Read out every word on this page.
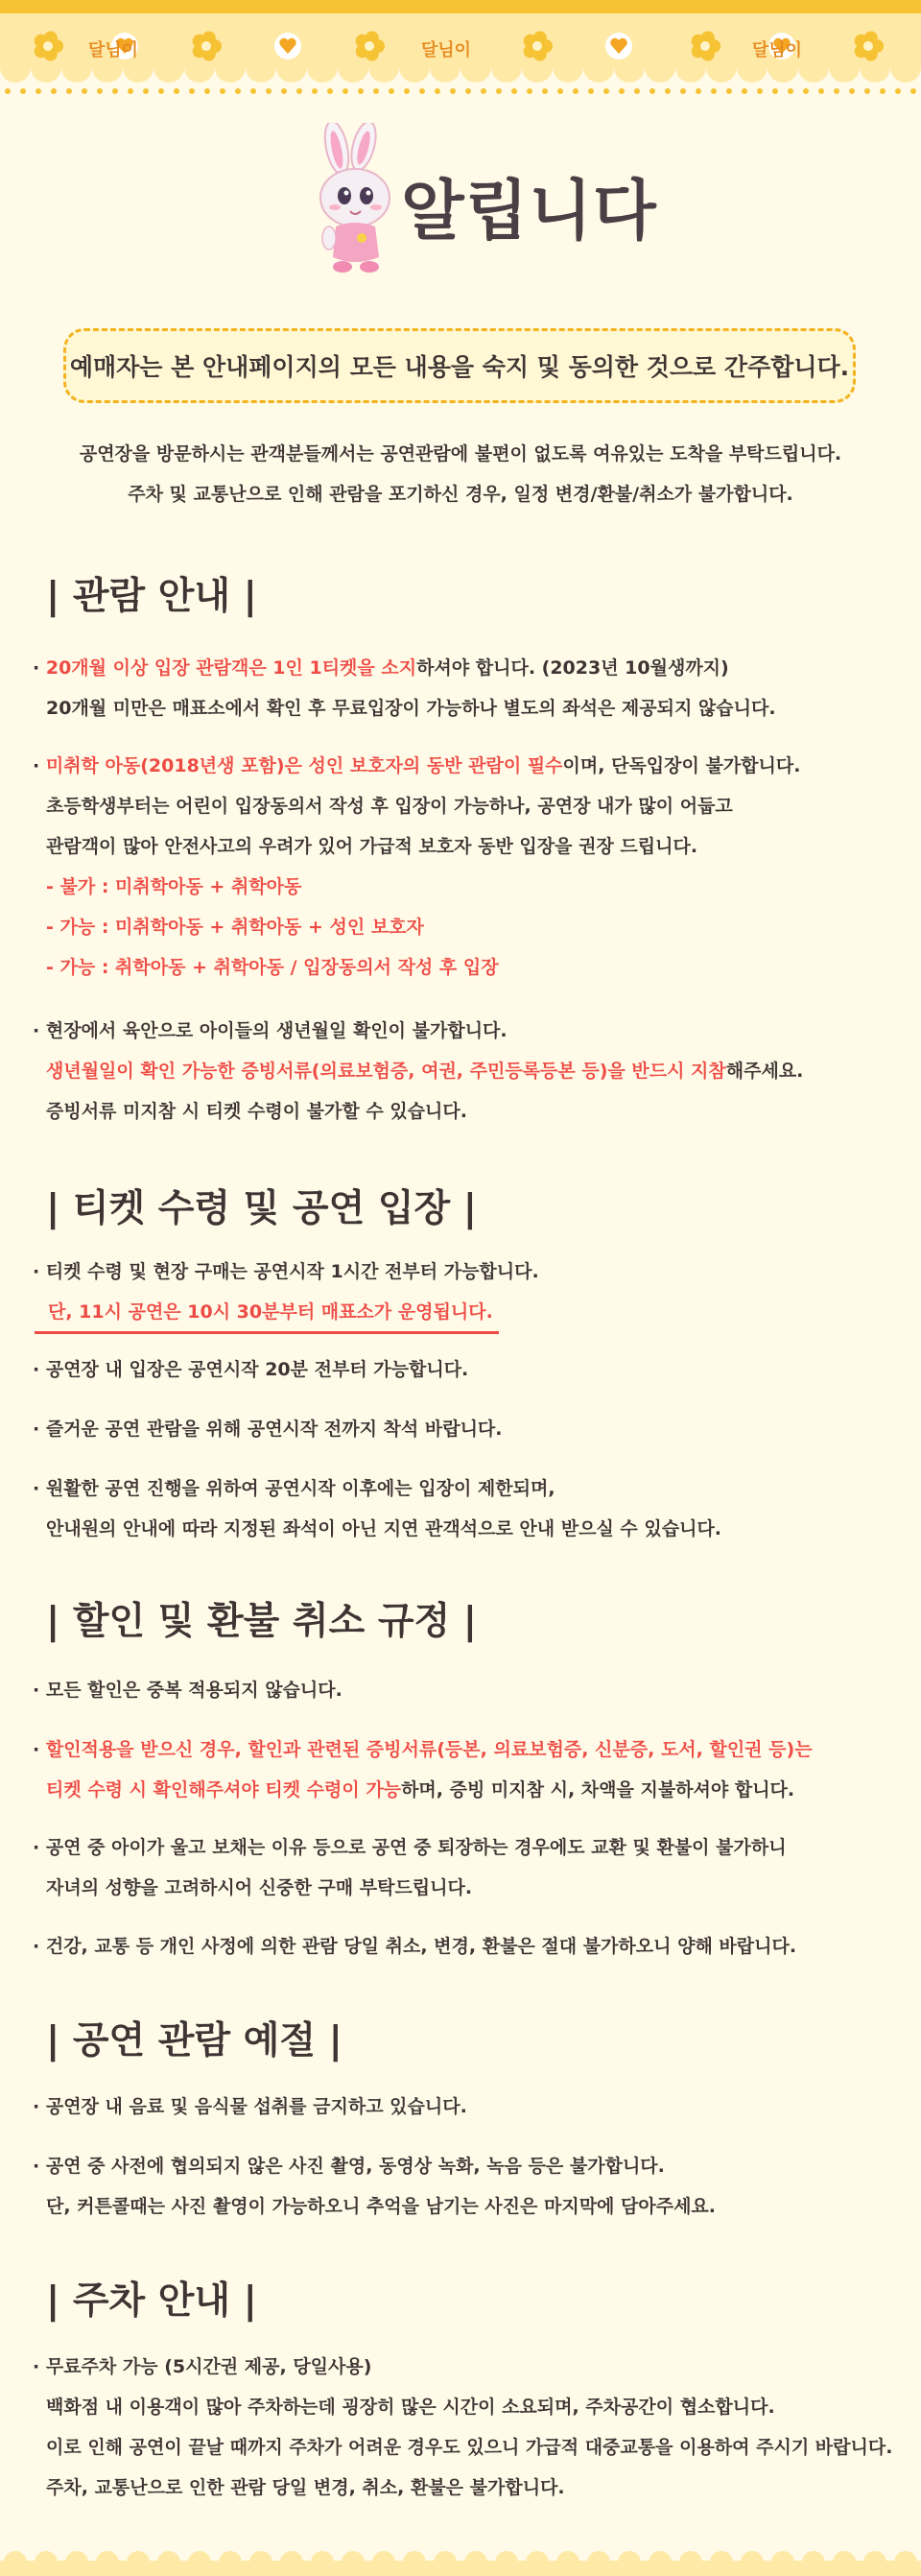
달님이	달님이	달님이
알립니다
예매자는 본 안내페이지의 모든 내용을 숙지 및 동의한 것으로 간주합니다.
공연장을 방문하시는 관객분들께서는 공연관람에 불편이 없도록 여유있는 도착을 부탁드립니다.
주차 및 교통난으로 인해 관람을 포기하신 경우, 일정 변경/환불/취소가 불가합니다.
| 관람 안내 |
· 20개월 이상 입장 관람객은 1인 1티켓을 소지하셔야 합니다. (2023년 10월생까지)
20개월 미만은 매표소에서 확인 후 무료입장이 가능하나 별도의 좌석은 제공되지 않습니다.
· 미취학 아동(2018년생 포함)은 성인 보호자의 동반 관람이 필수이며, 단독입장이 불가합니다.
초등학생부터는 어린이 입장동의서 작성 후 입장이 가능하나, 공연장 내가 많이 어둡고
관람객이 많아 안전사고의 우려가 있어 가급적 보호자 동반 입장을 권장 드립니다.
- 불가 : 미취학아동 + 취학아동
- 가능 : 미취학아동 + 취학아동 + 성인 보호자
- 가능 : 취학아동 + 취학아동 / 입장동의서 작성 후 입장
· 현장에서 육안으로 아이들의 생년월일 확인이 불가합니다.
생년월일이 확인 가능한 증빙서류(의료보험증, 여권, 주민등록등본 등)을 반드시 지참해주세요.
증빙서류 미지참 시 티켓 수령이 불가할 수 있습니다.
| 티켓 수령 및 공연 입장 |
· 티켓 수령 및 현장 구매는 공연시작 1시간 전부터 가능합니다.
단, 11시 공연은 10시 30분부터 매표소가 운영됩니다.
· 공연장 내 입장은 공연시작 20분 전부터 가능합니다.
· 즐거운 공연 관람을 위해 공연시작 전까지 착석 바랍니다.
· 원활한 공연 진행을 위하여 공연시작 이후에는 입장이 제한되며,
안내원의 안내에 따라 지정된 좌석이 아닌 지연 관객석으로 안내 받으실 수 있습니다.
| 할인 및 환불 취소 규정 |
· 모든 할인은 중복 적용되지 않습니다.
· 할인적용을 받으신 경우, 할인과 관련된 증빙서류(등본, 의료보험증, 신분증, 도서, 할인권 등)는
티켓 수령 시 확인해주셔야 티켓 수령이 가능하며, 증빙 미지참 시, 차액을 지불하셔야 합니다.
· 공연 중 아이가 울고 보채는 이유 등으로 공연 중 퇴장하는 경우에도 교환 및 환불이 불가하니
자녀의 성향을 고려하시어 신중한 구매 부탁드립니다.
· 건강, 교통 등 개인 사정에 의한 관람 당일 취소, 변경, 환불은 절대 불가하오니 양해 바랍니다.
| 공연 관람 예절 |
· 공연장 내 음료 및 음식물 섭취를 금지하고 있습니다.
· 공연 중 사전에 협의되지 않은 사진 촬영, 동영상 녹화, 녹음 등은 불가합니다.
단, 커튼콜때는 사진 촬영이 가능하오니 추억을 남기는 사진은 마지막에 담아주세요.
| 주차 안내 |
· 무료주차 가능 (5시간권 제공, 당일사용)
백화점 내 이용객이 많아 주차하는데 굉장히 많은 시간이 소요되며, 주차공간이 협소합니다.
이로 인해 공연이 끝날 때까지 주차가 어려운 경우도 있으니 가급적 대중교통을 이용하여 주시기 바랍니다.
주차, 교통난으로 인한 관람 당일 변경, 취소, 환불은 불가합니다.
